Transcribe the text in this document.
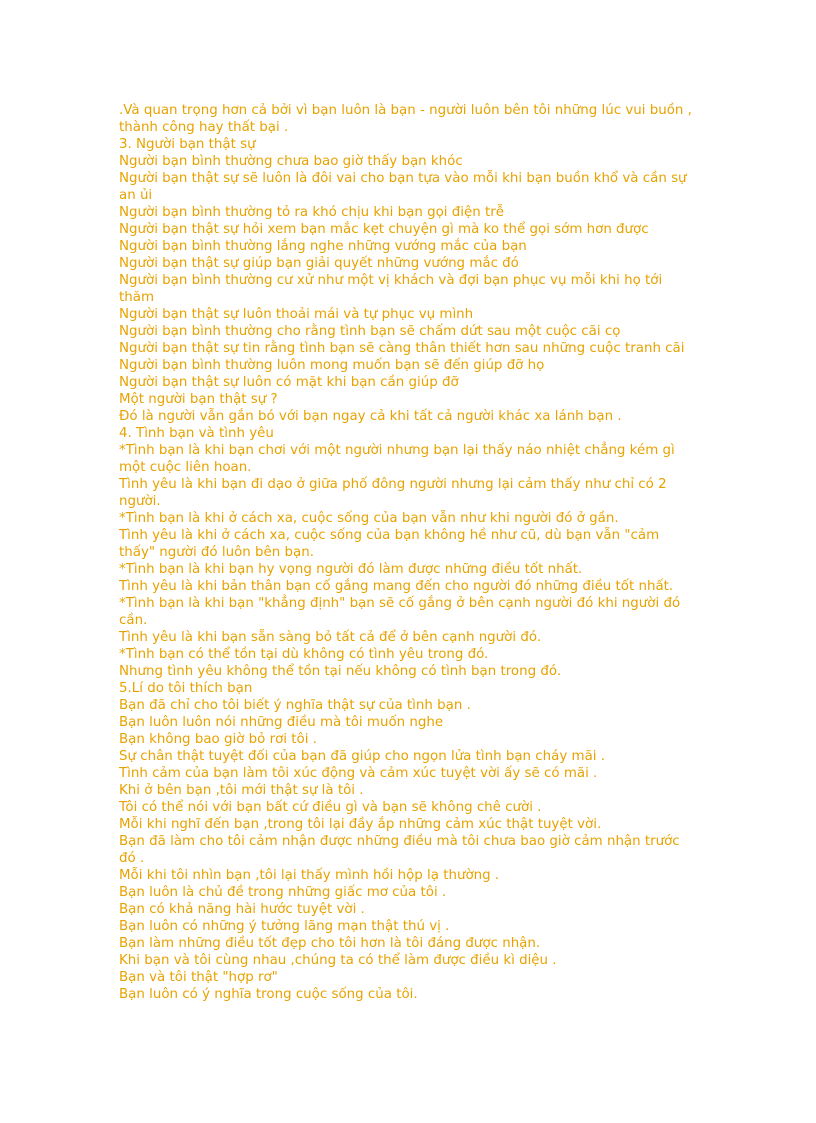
.Và quan trọng hơn cả bởi vì bạn luôn là bạn - người luôn bên tôi những lúc vui buồn , thành công hay thất bại .

3. Người bạn thật sự

Người bạn bình thường chưa bao giờ thấy bạn khóc

Người bạn thật sự sẽ luôn là đôi vai cho bạn tựa vào mỗi khi bạn buồn khổ và cần sự an ủi

Người bạn bình thường tỏ ra khó chịu khi bạn gọi điện trễ

Người bạn thật sự hỏi xem bạn mắc kẹt chuyện gì mà ko thể gọi sớm hơn được

Người bạn bình thường lắng nghe những vướng mắc của bạn

Người bạn thật sự giúp bạn giải quyết những vướng mắc đó

Người bạn bình thường cư xử như một vị khách và đợi bạn phục vụ mỗi khi họ tới thăm

Người bạn thật sự luôn thoải mái và tự phục vụ mình

Người bạn bình thường cho rằng tình bạn sẽ chấm dứt sau một cuộc cãi cọ

Người bạn thật sự tin rằng tình bạn sẽ càng thân thiết hơn sau những cuộc tranh cãi

Người bạn bình thường luôn mong muốn bạn sẽ đến giúp đỡ họ

Người bạn thật sự luôn có mặt khi bạn cần giúp đỡ

Một người bạn thật sự ?

Đó là người vẫn gắn bó với bạn ngay cả khi tất cả người khác xa lánh bạn .

4. Tình bạn và tình yêu

*Tình bạn là khi bạn chơi với một người nhưng bạn lại thấy náo nhiệt chẳng kém gì một cuộc liên hoan.

Tình yêu là khi bạn đi dạo ở giữa phố đông người nhưng lại cảm thấy như chỉ có 2 người.

*Tình bạn là khi ở cách xa, cuộc sống của bạn vẫn như khi người đó ở gần.

Tình yêu là khi ở cách xa, cuộc sống của bạn không hề như cũ, dù bạn vẫn "cảm thấy" người đó luôn bên bạn.

*Tình bạn là khi bạn hy vọng người đó làm được những điều tốt nhất.

Tình yêu là khi bản thân bạn cố gắng mang đến cho người đó những điều tốt nhất.

*Tình bạn là khi bạn "khẳng định" bạn sẽ cố gắng ở bên cạnh người đó khi người đó cần.

Tình yêu là khi bạn sẵn sàng bỏ tất cả để ở bên cạnh người đó.

*Tình bạn có thể tồn tại dù không có tình yêu trong đó.

Nhưng tình yêu không thể tồn tại nếu không có tình bạn trong đó.

5.Lí do tôi thích bạn

Bạn đã chỉ cho tôi biết ý nghĩa thật sự của tình bạn .

Bạn luôn luôn nói những điều mà tôi muốn nghe

Bạn không bao giờ bỏ rơi tôi .

Sự chân thật tuyệt đối của bạn đã giúp cho ngọn lửa tình bạn cháy mãi .

Tình cảm của bạn làm tôi xúc động và cảm xúc tuyệt vời ấy sẽ có mãi .

Khi ở bên bạn ,tôi mới thật sự là tôi .

Tôi có thể nói với bạn bất cứ điều gì và bạn sẽ không chê cười .

Mỗi khi nghĩ đến bạn ,trong tôi lại đầy ắp những cảm xúc thật tuyệt vời.

Bạn đã làm cho tôi cảm nhận được những điều mà tôi chưa bao giờ cảm nhận trước đó .

Mỗi khi tôi nhìn bạn ,tôi lại thấy mình hồi hộp lạ thường .

Bạn luôn là chủ đề trong những giấc mơ của tôi .

Bạn có khả năng hài hước tuyệt vời .

Bạn luôn có những ý tưởng lãng mạn thật thú vị .

Bạn làm những điều tốt đẹp cho tôi hơn là tôi đáng được nhận.

Khi bạn và tôi cùng nhau ,chúng ta có thể làm được điều kì diệu .

Bạn và tôi thật "hợp rơ"

Bạn luôn có ý nghĩa trong cuộc sống của tôi.
